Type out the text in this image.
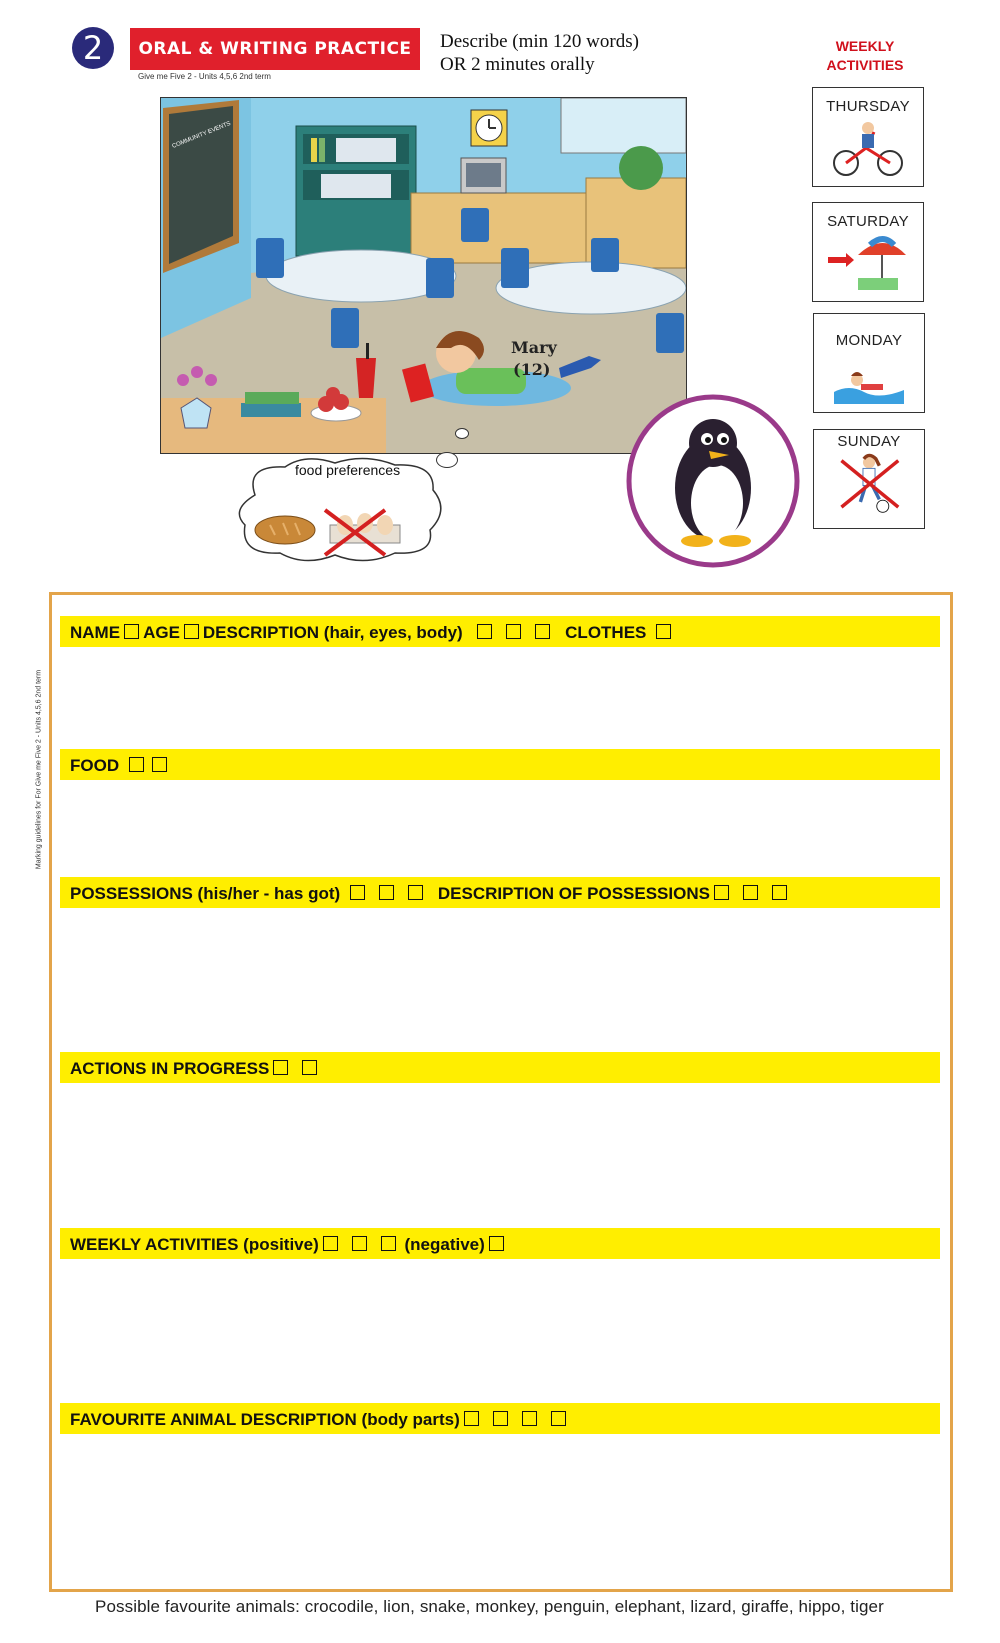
2	ORAL & WRITING PRACTICE
Give me Five 2 - Units 4,5,6 2nd term
Describe (min 120 words)
OR 2 minutes orally
WEEKLY
ACTIVITIES
COMMUNITY EVENTS
Mary
(12)
food preferences
THURSDAY
SATURDAY
MONDAY
SUNDAY
NAME AGE DESCRIPTION (hair, eyes, body)	CLOTHES
FOOD
POSSESSIONS (his/her - has got)	DESCRIPTION OF POSSESSIONS
ACTIONS IN PROGRESS
WEEKLY ACTIVITIES (positive)	(negative)
FAVOURITE ANIMAL DESCRIPTION (body parts)
Marking guidelines for For Give me Five 2 - Units 4,5,6 2nd term
Possible favourite animals: crocodile, lion, snake, monkey, penguin, elephant, lizard, giraffe, hippo, tiger
